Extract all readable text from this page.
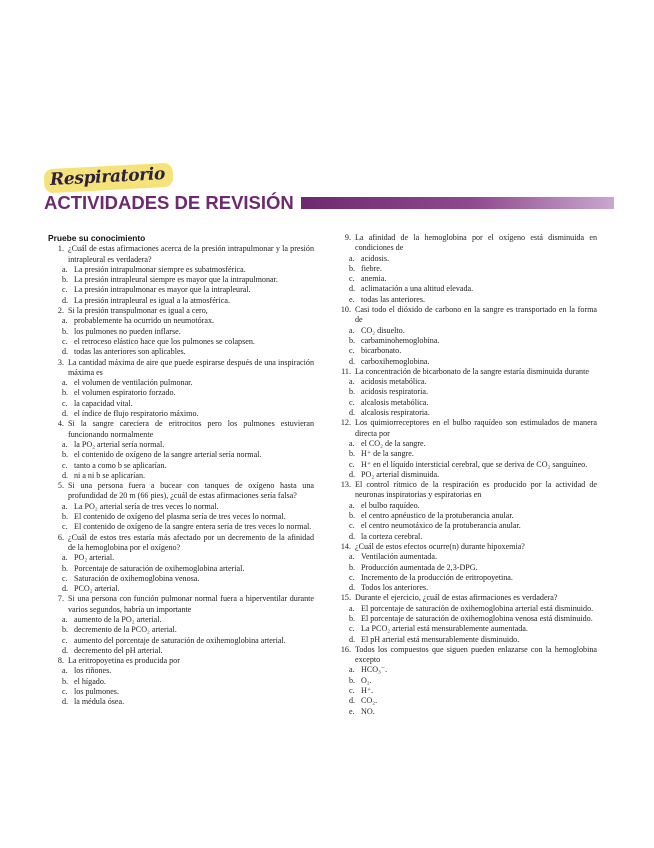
Respiratorio
ACTIVIDADES DE REVISIÓN
Pruebe su conocimiento
1. ¿Cuál de estas afirmaciones acerca de la presión intrapulmonar y la presión intrapleural es verdadera?
a. La presión intrapulmonar siempre es subatmosférica.
b. La presión intrapleural siempre es mayor que la intrapulmonar.
c. La presión intrapulmonar es mayor que la intrapleural.
d. La presión intrapleural es igual a la atmosférica.
2. Si la presión transpulmonar es igual a cero,
a. probablemente ha ocurrido un neumotórax.
b. los pulmones no pueden inflarse.
c. el retroceso elástico hace que los pulmones se colapsen.
d. todas las anteriores son aplicables.
3. La cantidad máxima de aire que puede espirarse después de una inspiración máxima es
a. el volumen de ventilación pulmonar.
b. el volumen espiratorio forzado.
c. la capacidad vital.
d. el índice de flujo respiratorio máximo.
4. Si la sangre careciera de eritrocitos pero los pulmones estuvieran funcionando normalmente
a. la PO₂ arterial sería normal.
b. el contenido de oxígeno de la sangre arterial sería normal.
c. tanto a como b se aplicarían.
d. ni a ni b se aplicarían.
5. Si una persona fuera a bucear con tanques de oxígeno hasta una profundidad de 20 m (66 pies), ¿cuál de estas afirmaciones sería falsa?
a. La PO₂ arterial sería de tres veces lo normal.
b. El contenido de oxígeno del plasma sería de tres veces lo normal.
c. El contenido de oxígeno de la sangre entera sería de tres veces lo normal.
6. ¿Cuál de estos tres estaría más afectado por un decremento de la afinidad de la hemoglobina por el oxígeno?
a. PO₂ arterial.
b. Porcentaje de saturación de oxihemoglobina arterial.
c. Saturación de oxihemoglobina venosa.
d. PCO₂ arterial.
7. Si una persona con función pulmonar normal fuera a hiperventilar durante varios segundos, habría un importante
a. aumento de la PO₂ arterial.
b. decremento de la PCO₂ arterial.
c. aumento del porcentaje de saturación de oxihemoglobina arterial.
d. decremento del pH arterial.
8. La eritropoyetina es producida por
a. los riñones.
b. el hígado.
c. los pulmones.
d. la médula ósea.
9. La afinidad de la hemoglobina por el oxígeno está disminuida en condiciones de
a. acidosis.
b. fiebre.
c. anemia.
d. aclimatación a una altitud elevada.
e. todas las anteriores.
10. Casi todo el dióxido de carbono en la sangre es transportado en la forma de
a. CO₂ disuelto.
b. carbaminohemoglobina.
c. bicarbonato.
d. carboxihemoglobina.
11. La concentración de bicarbonato de la sangre estaría disminuida durante
a. acidosis metabólica.
b. acidosis respiratoria.
c. alcalosis metabólica.
d. alcalosis respiratoria.
12. Los quimiorreceptores en el bulbo raquídeo son estimulados de manera directa por
a. el CO₂ de la sangre.
b. H⁺ de la sangre.
c. H⁺ en el líquido intersticial cerebral, que se deriva de CO₂ sanguíneo.
d. PO₂ arterial disminuida.
13. El control rítmico de la respiración es producido por la actividad de neuronas inspiratorias y espiratorias en
a. el bulbo raquídeo.
b. el centro apnéustico de la protuberancia anular.
c. el centro neumotáxico de la protuberancia anular.
d. la corteza cerebral.
14. ¿Cuál de estos efectos ocurre(n) durante hipoxemia?
a. Ventilación aumentada.
b. Producción aumentada de 2,3-DPG.
c. Incremento de la producción de eritropoyetina.
d. Todos los anteriores.
15. Durante el ejercicio, ¿cuál de estas afirmaciones es verdadera?
a. El porcentaje de saturación de oxihemoglobina arterial está disminuido.
b. El porcentaje de saturación de oxihemoglobina venosa está disminuido.
c. La PCO₂ arterial está mensurablemente aumentada.
d. El pH arterial está mensurablemente disminuido.
16. Todos los compuestos que siguen pueden enlazarse con la hemoglobina excepto
a. HCO₃⁻.
b. O₂.
c. H⁺.
d. CO₂.
e. NO.
